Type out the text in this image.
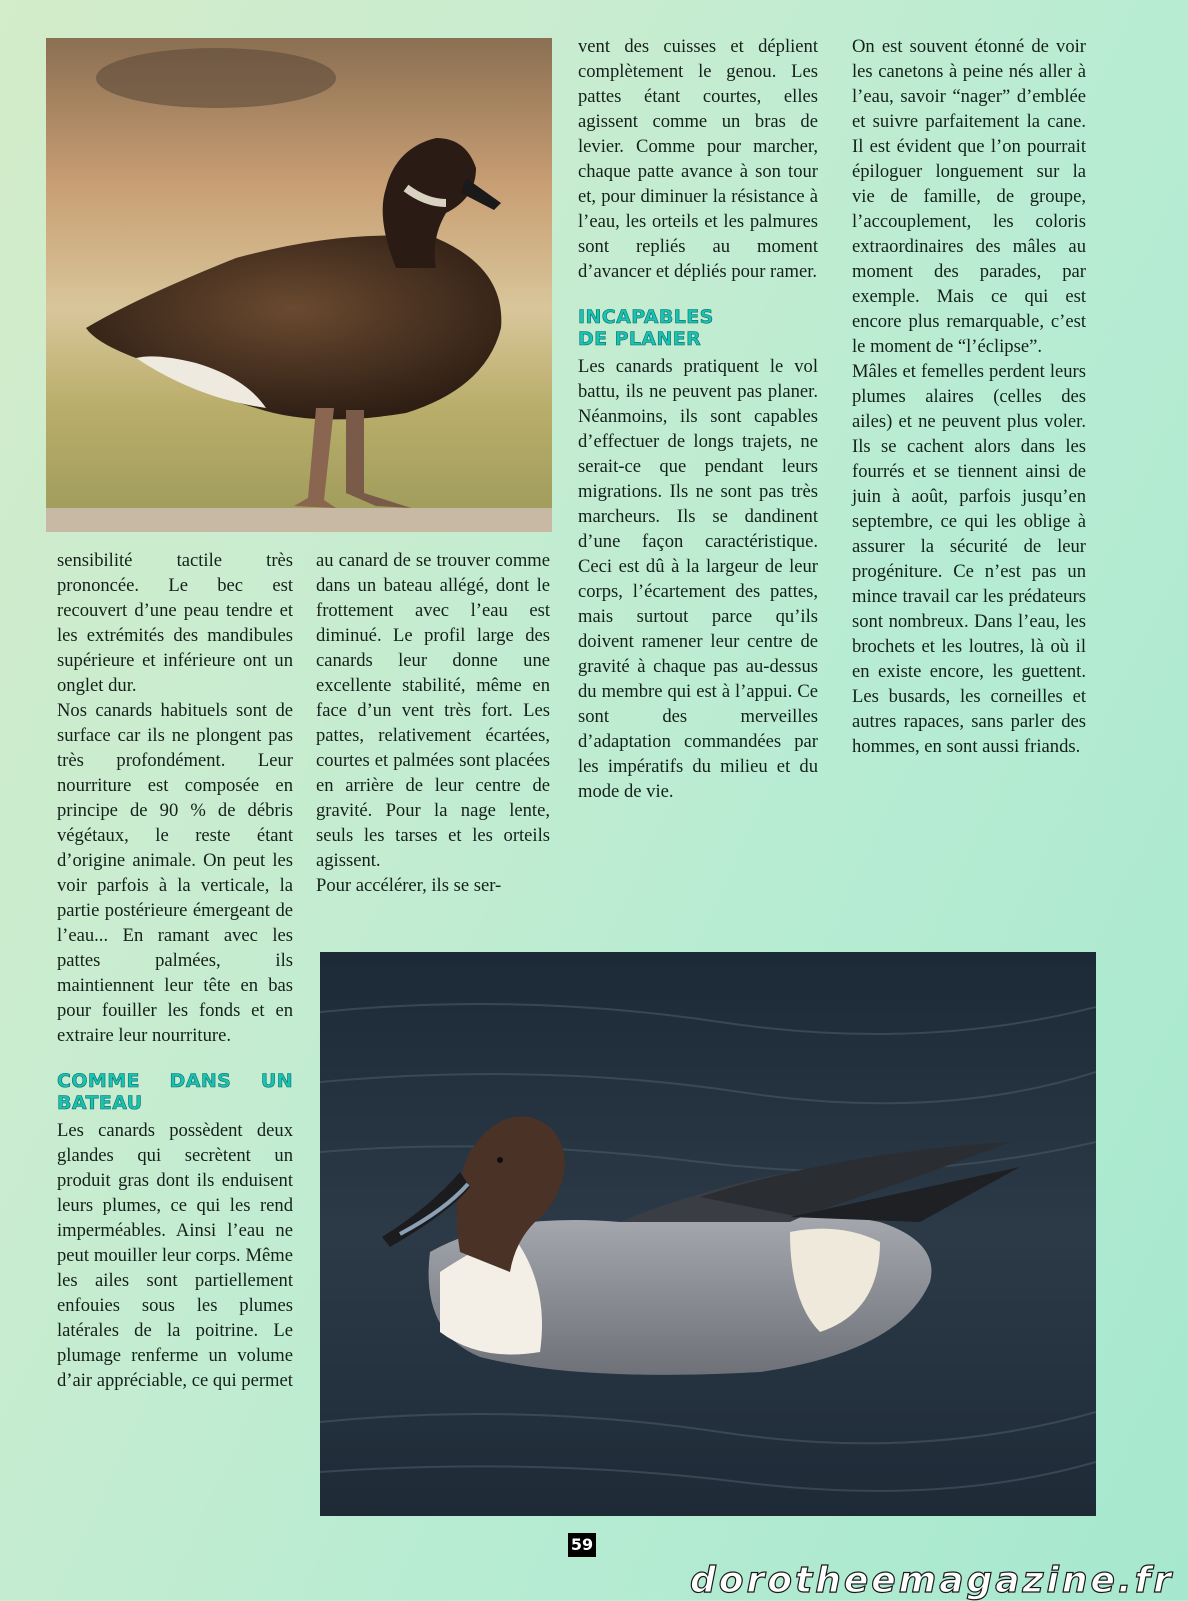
sensibilité tactile très prononcée. Le bec est recouvert d’une peau tendre et les extrémités des mandibules supérieure et inférieure ont un onglet dur.

Nos canards habituels sont de surface car ils ne plongent pas très profondément. Leur nourriture est composée en principe de 90 % de débris végétaux, le reste étant d’origine animale. On peut les voir parfois à la verticale, la partie postérieure émergeant de l’eau... En ramant avec les pattes palmées, ils maintiennent leur tête en bas pour fouiller les fonds et en extraire leur nourriture.

COMME DANS UN BATEAU

Les canards possèdent deux glandes qui secrètent un produit gras dont ils enduisent leurs plumes, ce qui les rend imperméables. Ainsi l’eau ne peut mouiller leur corps. Même les ailes sont partiellement enfouies sous les plumes latérales de la poitrine. Le plumage renferme un volume d’air appréciable, ce qui permet

au canard de se trouver comme dans un bateau allégé, dont le frottement avec l’eau est diminué. Le profil large des canards leur donne une excellente stabilité, même en face d’un vent très fort. Les pattes, relativement écartées, courtes et palmées sont placées en arrière de leur centre de gravité. Pour la nage lente, seuls les tarses et les orteils agissent.

Pour accélérer, ils se ser-

vent des cuisses et déplient complètement le genou. Les pattes étant courtes, elles agissent comme un bras de levier. Comme pour marcher, chaque patte avance à son tour et, pour diminuer la résistance à l’eau, les orteils et les palmures sont repliés au moment d’avancer et dépliés pour ramer.

INCAPABLES DE PLANER

Les canards pratiquent le vol battu, ils ne peuvent pas planer. Néanmoins, ils sont capables d’effectuer de longs trajets, ne serait-ce que pendant leurs migrations. Ils ne sont pas très marcheurs. Ils se dandinent d’une façon caractéristique. Ceci est dû à la largeur de leur corps, l’écartement des pattes, mais surtout parce qu’ils doivent ramener leur centre de gravité à chaque pas au-dessus du membre qui est à l’appui. Ce sont des merveilles d’adaptation commandées par les impératifs du milieu et du mode de vie.

On est souvent étonné de voir les canetons à peine nés aller à l’eau, savoir “nager” d’emblée et suivre parfaitement la cane. Il est évident que l’on pourrait épiloguer longuement sur la vie de famille, de groupe, l’accouplement, les coloris extraordinaires des mâles au moment des parades, par exemple. Mais ce qui est encore plus remarquable, c’est le moment de “l’éclipse”.

Mâles et femelles perdent leurs plumes alaires (celles des ailes) et ne peuvent plus voler. Ils se cachent alors dans les fourrés et se tiennent ainsi de juin à août, parfois jusqu’en septembre, ce qui les oblige à assurer la sécurité de leur progéniture. Ce n’est pas un mince travail car les prédateurs sont nombreux. Dans l’eau, les brochets et les loutres, là où il en existe encore, les guettent. Les busards, les corneilles et autres rapaces, sans parler des hommes, en sont aussi friands.

59
dorotheemagazine.fr
